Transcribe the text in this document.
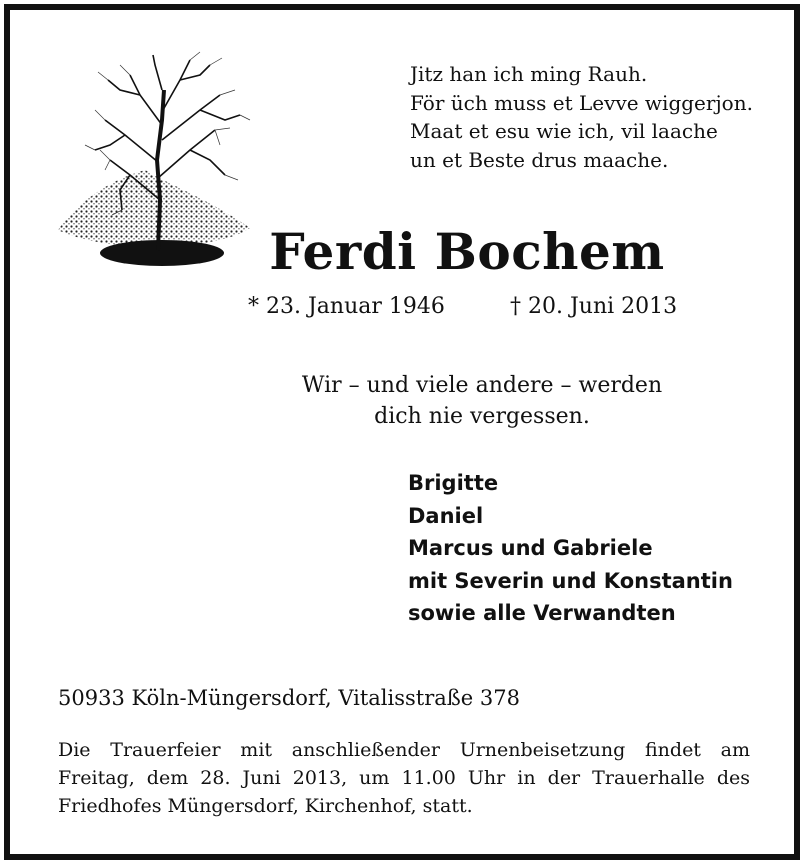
Jitz han ich ming Rauh.
För üch muss et Levve wiggerjon.
Maat et esu wie ich, vil laache
un et Beste drus maache.
Ferdi Bochem
* 23. Januar 1946	† 20. Juni 2013
Wir – und viele andere – werden
dich nie vergessen.
Brigitte
Daniel
Marcus und Gabriele
mit Severin und Konstantin
sowie alle Verwandten
50933 Köln-Müngersdorf, Vitalisstraße 378
Die Trauerfeier mit anschließender Urnenbeisetzung findet am Freitag, dem 28. Juni 2013, um 11.00 Uhr in der Trauerhalle des Friedhofes Müngersdorf, Kirchenhof, statt.
